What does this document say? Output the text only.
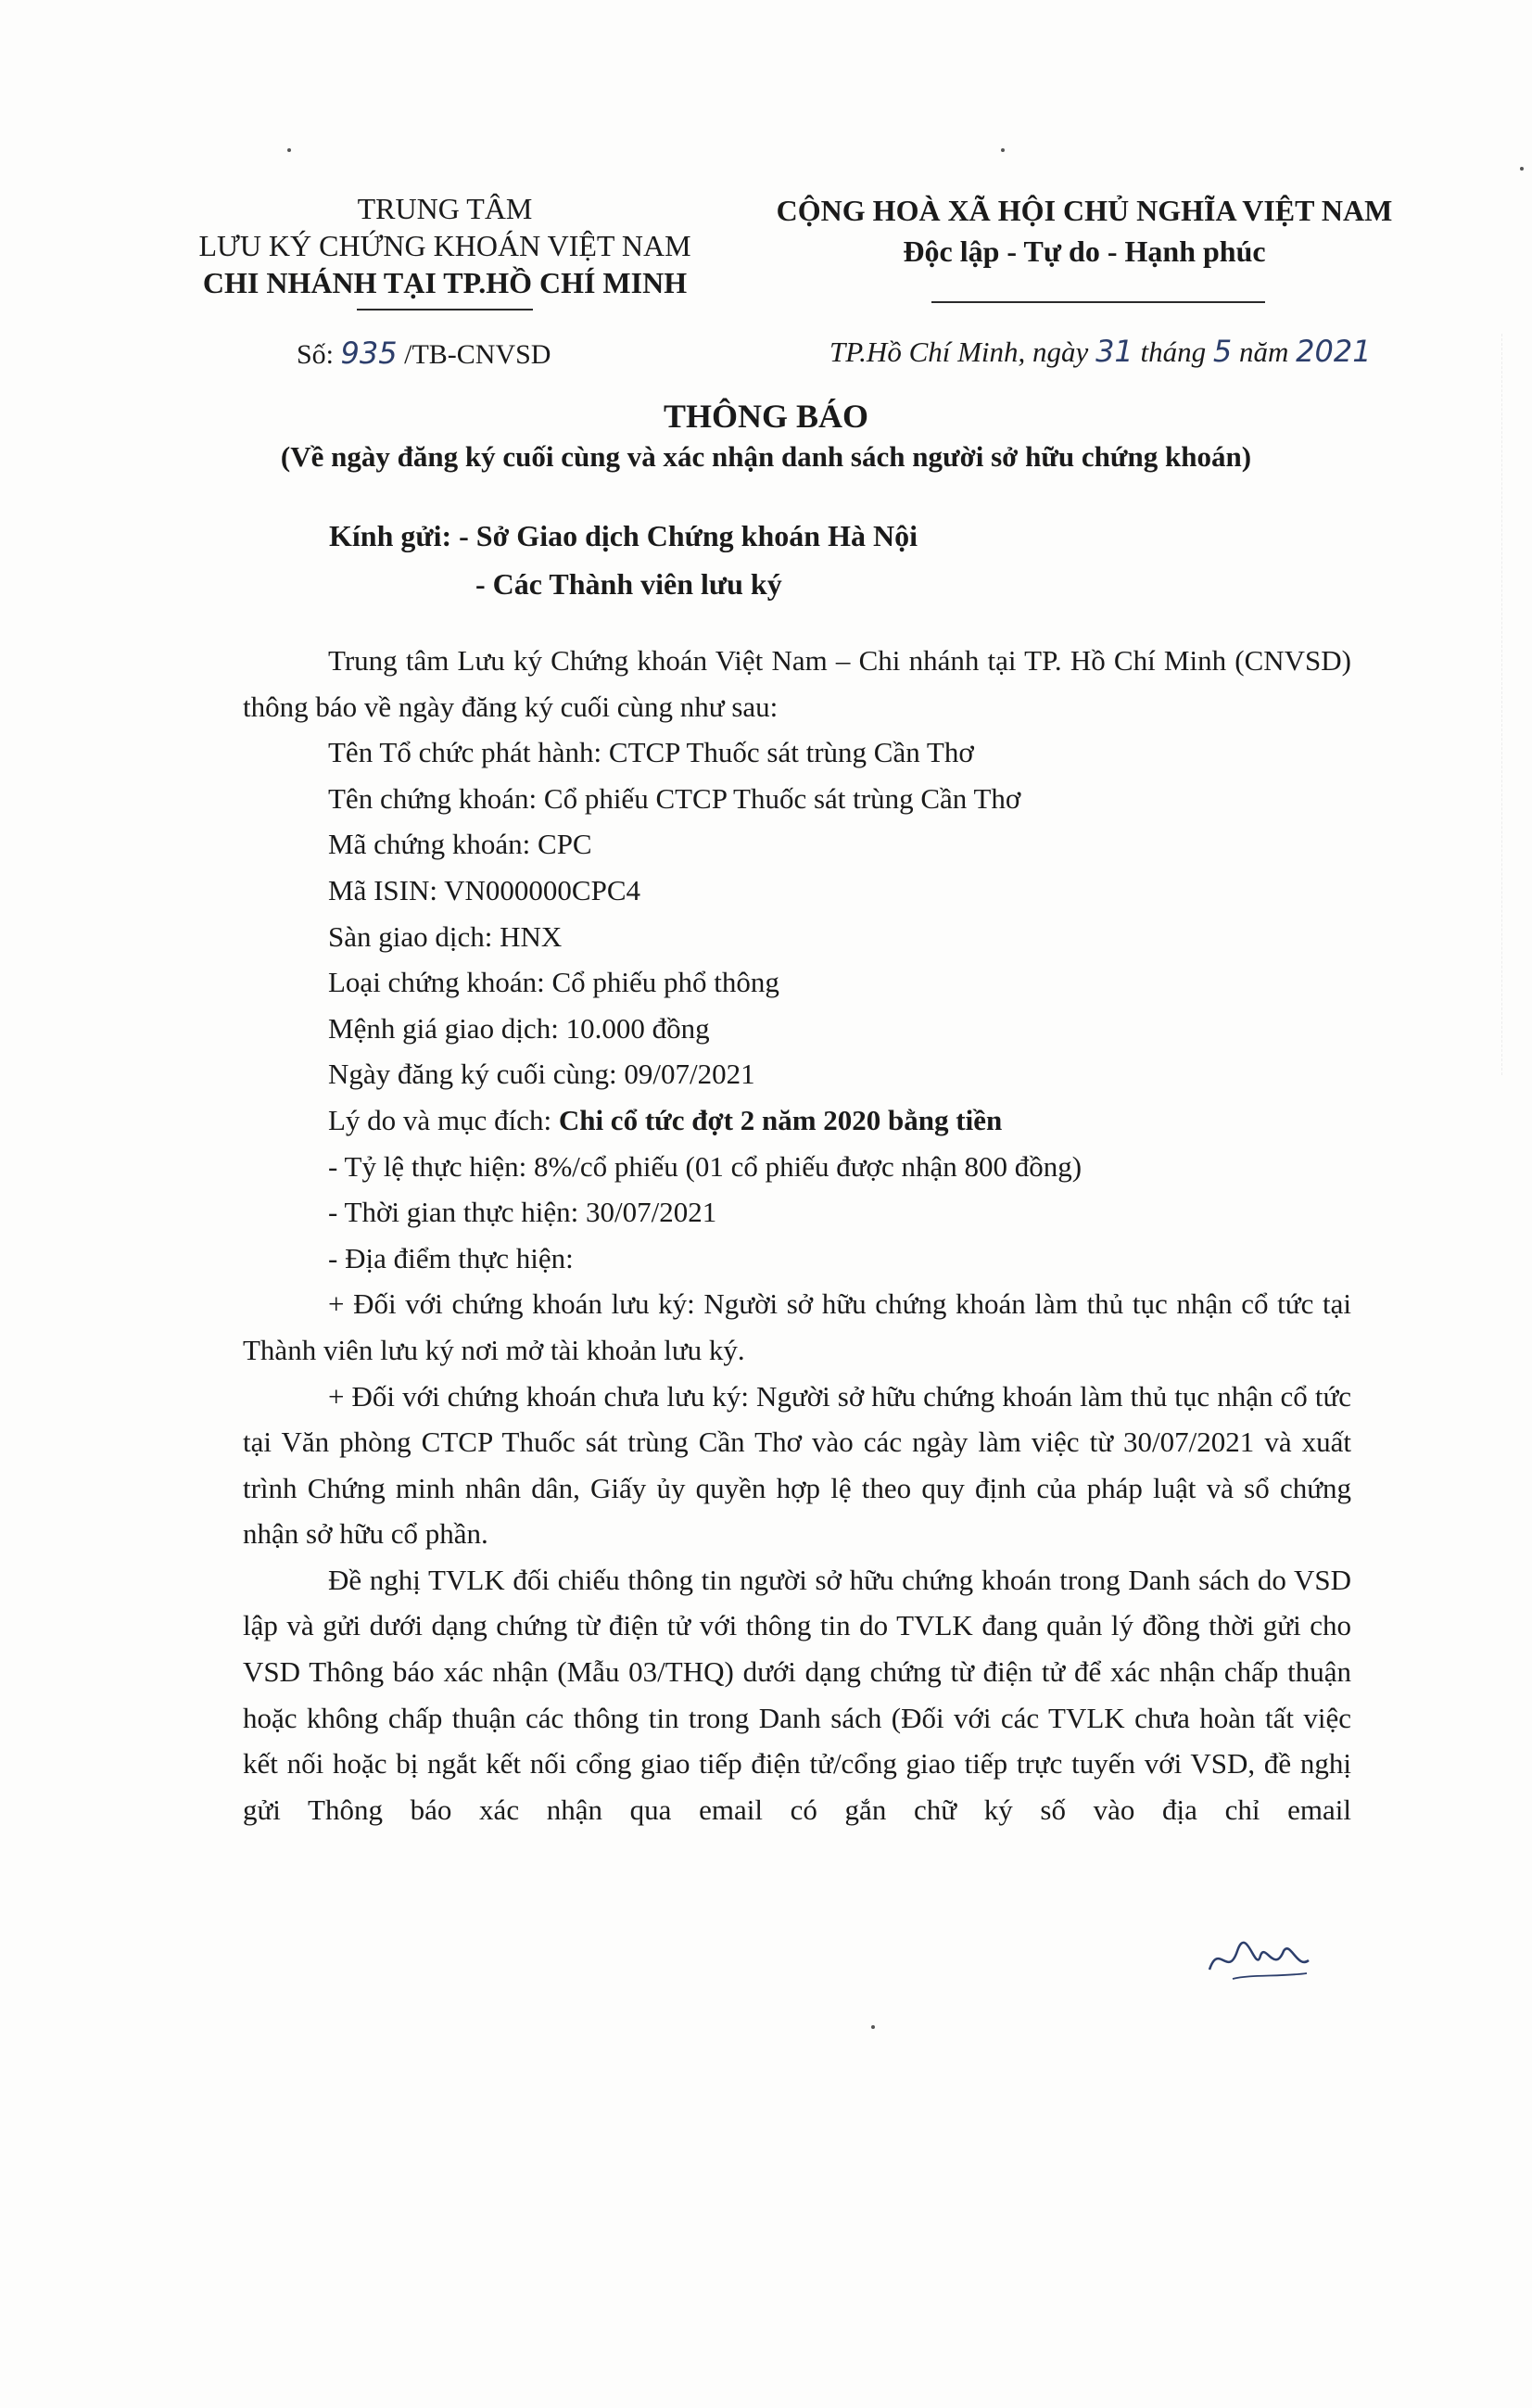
TRUNG TÂM
LƯU KÝ CHỨNG KHOÁN VIỆT NAM
CHI NHÁNH TẠI TP.HỒ CHÍ MINH
CỘNG HOÀ XÃ HỘI CHỦ NGHĨA VIỆT NAM
Độc lập - Tự do - Hạnh phúc
Số: 935 /TB-CNVSD	TP.Hồ Chí Minh, ngày 31 tháng 5 năm 2021
THÔNG BÁO
(Về ngày đăng ký cuối cùng và xác nhận danh sách người sở hữu chứng khoán)
Kính gửi: - Sở Giao dịch Chứng khoán Hà Nội
- Các Thành viên lưu ký

Trung tâm Lưu ký Chứng khoán Việt Nam – Chi nhánh tại TP. Hồ Chí Minh (CNVSD) thông báo về ngày đăng ký cuối cùng như sau:

Tên Tổ chức phát hành: CTCP Thuốc sát trùng Cần Thơ

Tên chứng khoán: Cổ phiếu CTCP Thuốc sát trùng Cần Thơ

Mã chứng khoán: CPC

Mã ISIN: VN000000CPC4

Sàn giao dịch: HNX

Loại chứng khoán: Cổ phiếu phổ thông

Mệnh giá giao dịch: 10.000 đồng

Ngày đăng ký cuối cùng: 09/07/2021

Lý do và mục đích: Chi cổ tức đợt 2 năm 2020 bằng tiền

- Tỷ lệ thực hiện: 8%/cổ phiếu (01 cổ phiếu được nhận 800 đồng)

- Thời gian thực hiện: 30/07/2021

- Địa điểm thực hiện:

+ Đối với chứng khoán lưu ký: Người sở hữu chứng khoán làm thủ tục nhận cổ tức tại Thành viên lưu ký nơi mở tài khoản lưu ký.

+ Đối với chứng khoán chưa lưu ký: Người sở hữu chứng khoán làm thủ tục nhận cổ tức tại Văn phòng CTCP Thuốc sát trùng Cần Thơ vào các ngày làm việc từ 30/07/2021 và xuất trình Chứng minh nhân dân, Giấy ủy quyền hợp lệ theo quy định của pháp luật và sổ chứng nhận sở hữu cổ phần.

Đề nghị TVLK đối chiếu thông tin người sở hữu chứng khoán trong Danh sách do VSD lập và gửi dưới dạng chứng từ điện tử với thông tin do TVLK đang quản lý đồng thời gửi cho VSD Thông báo xác nhận (Mẫu 03/THQ) dưới dạng chứng từ điện tử để xác nhận chấp thuận hoặc không chấp thuận các thông tin trong Danh sách (Đối với các TVLK chưa hoàn tất việc kết nối hoặc bị ngắt kết nối cổng giao tiếp điện tử/cổng giao tiếp trực tuyến với VSD, đề nghị gửi Thông báo xác nhận qua email có gắn chữ ký số vào địa chỉ email
